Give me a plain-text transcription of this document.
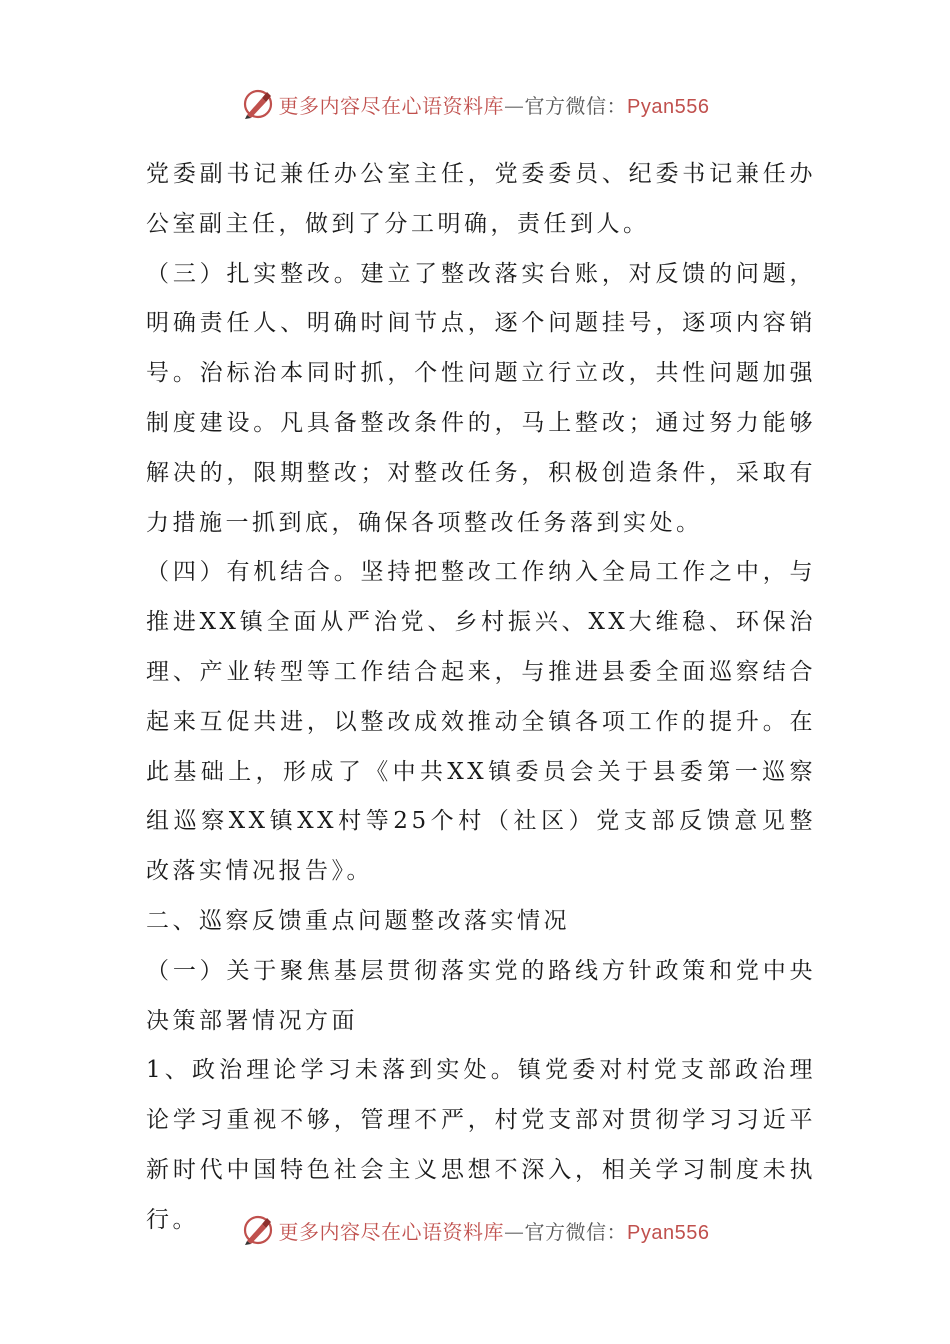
更多内容尽在心语资料库—官方微信：Pyan556

党委副书记兼任办公室主任，党委委员、纪委书记兼任办公室副主任，做到了分工明确，责任到人。

（三）扎实整改。建立了整改落实台账，对反馈的问题，明确责任人、明确时间节点，逐个问题挂号，逐项内容销号。治标治本同时抓，个性问题立行立改，共性问题加强制度建设。凡具备整改条件的，马上整改；通过努力能够解决的，限期整改；对整改任务，积极创造条件，采取有力措施一抓到底，确保各项整改任务落到实处。

（四）有机结合。坚持把整改工作纳入全局工作之中，与推进XX镇全面从严治党、乡村振兴、XX大维稳、环保治理、产业转型等工作结合起来，与推进县委全面巡察结合起来互促共进，以整改成效推动全镇各项工作的提升。在此基础上，形成了《中共XX镇委员会关于县委第一巡察组巡察XX镇XX村等25个村（社区）党支部反馈意见整改落实情况报告》。

二、巡察反馈重点问题整改落实情况

（一）关于聚焦基层贯彻落实党的路线方针政策和党中央决策部署情况方面

1、政治理论学习未落到实处。镇党委对村党支部政治理论学习重视不够，管理不严，村党支部对贯彻学习习近平新时代中国特色社会主义思想不深入，相关学习制度未执行。	更多内容尽在心语资料库—官方微信：Pyan556
